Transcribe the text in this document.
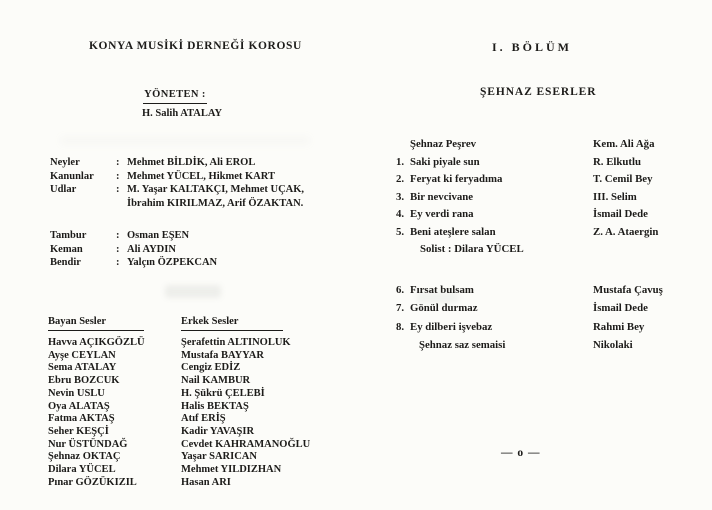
KONYA MUSİKİ DERNEĞİ KOROSU
YÖNETEN :
H. Salih ATALAY
Neyler	: Mehmet BİLDİK, Ali EROL
Kanunlar	: Mehmet YÜCEL, Hikmet KART
Udlar	: M. Yaşar KALTAKÇI, Mehmet UÇAK,
İbrahim KIRILMAZ, Arif ÖZAKTAN.
Tambur	: Osman EŞEN
Keman	: Ali AYDIN
Bendir	: Yalçın ÖZPEKCAN
Bayan Sesler
Havva AÇIKGÖZLÜ
Ayşe CEYLAN
Sema ATALAY
Ebru BOZCUK
Nevin USLU
Oya ALATAŞ
Fatma AKTAŞ
Seher KEŞÇİ
Nur ÜSTÜNDAĞ
Şehnaz OKTAÇ
Dilara YÜCEL
Pınar GÖZÜKIZIL
Erkek Sesler
Şerafettin ALTINOLUK
Mustafa BAYYAR
Cengiz EDİZ
Nail KAMBUR
H. Şükrü ÇELEBİ
Halis BEKTAŞ
Atıf ERİŞ
Kadir YAVAŞIR
Cevdet KAHRAMANOĞLU
Yaşar SARICAN
Mehmet YILDIZHAN
Hasan ARI
I. BÖLÜM
ŞEHNAZ ESERLER
Şehnaz Peşrev	Kem. Ali Ağa
1. Saki piyale sun	R. Elkutlu
2. Feryat ki feryadıma	T. Cemil Bey
3. Bir nevcivane	III. Selim
4. Ey verdi rana	İsmail Dede
5. Beni ateşlere salan	Z. A. Ataergin
Solist : Dilara YÜCEL
6. Fırsat bulsam	Mustafa Çavuş
7. Gönül durmaz	İsmail Dede
8. Ey dilberi işvebaz	Rahmi Bey
Şehnaz saz semaisi	Nikolaki
— o —
